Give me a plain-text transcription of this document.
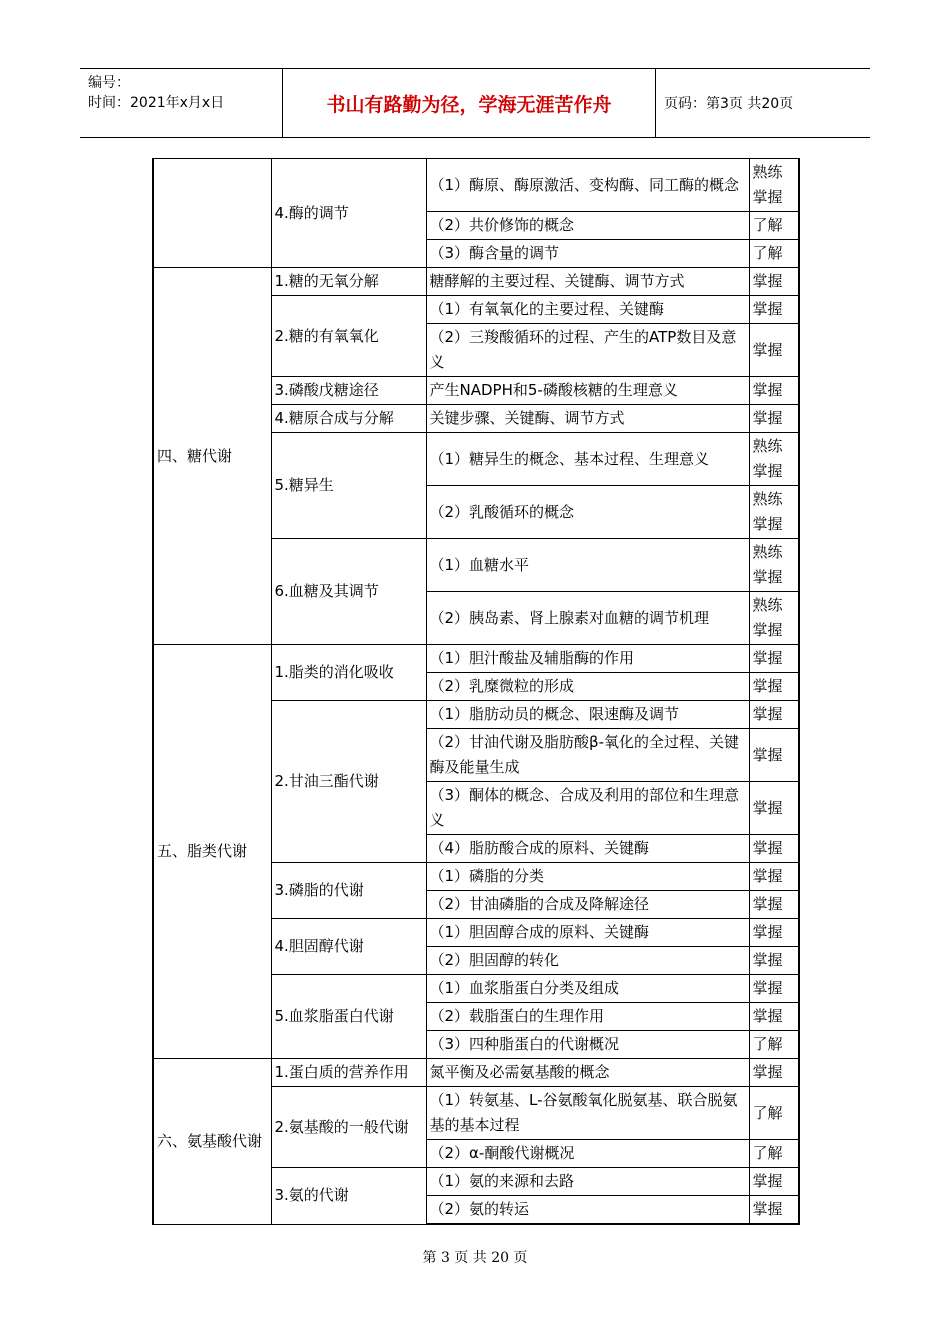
编号：
时间：2021年x月x日	书山有路勤为径，学海无涯苦作舟	页码：第3页 共20页
	4.酶的调节	（1）酶原、酶原激活、变构酶、同工酶的概念	熟练掌握
		（2）共价修饰的概念	了解
		（3）酶含量的调节	了解
四、糖代谢	1.糖的无氧分解	糖酵解的主要过程、关键酶、调节方式	掌握
	2.糖的有氧氧化	（1）有氧氧化的主要过程、关键酶	掌握
		（2）三羧酸循环的过程、产生的ATP数目及意义	掌握
	3.磷酸戊糖途径	产生NADPH和5-磷酸核糖的生理意义	掌握
	4.糖原合成与分解	关键步骤、关键酶、调节方式	掌握
	5.糖异生	（1）糖异生的概念、基本过程、生理意义	熟练掌握
		（2）乳酸循环的概念	熟练掌握
	6.血糖及其调节	（1）血糖水平	熟练掌握
		（2）胰岛素、肾上腺素对血糖的调节机理	熟练掌握
五、脂类代谢	1.脂类的消化吸收	（1）胆汁酸盐及辅脂酶的作用	掌握
		（2）乳糜微粒的形成	掌握
	2.甘油三酯代谢	（1）脂肪动员的概念、限速酶及调节	掌握
		（2）甘油代谢及脂肪酸β-氧化的全过程、关键酶及能量生成	掌握
		（3）酮体的概念、合成及利用的部位和生理意义	掌握
		（4）脂肪酸合成的原料、关键酶	掌握
	3.磷脂的代谢	（1）磷脂的分类	掌握
		（2）甘油磷脂的合成及降解途径	掌握
	4.胆固醇代谢	（1）胆固醇合成的原料、关键酶	掌握
		（2）胆固醇的转化	掌握
	5.血浆脂蛋白代谢	（1）血浆脂蛋白分类及组成	掌握
		（2）载脂蛋白的生理作用	掌握
		（3）四种脂蛋白的代谢概况	了解
六、氨基酸代谢	1.蛋白质的营养作用	氮平衡及必需氨基酸的概念	掌握
	2.氨基酸的一般代谢	（1）转氨基、L-谷氨酸氧化脱氨基、联合脱氨基的基本过程	了解
		（2）α-酮酸代谢概况	了解
	3.氨的代谢	（1）氨的来源和去路	掌握
		（2）氨的转运	掌握
第 3 页 共 20 页
